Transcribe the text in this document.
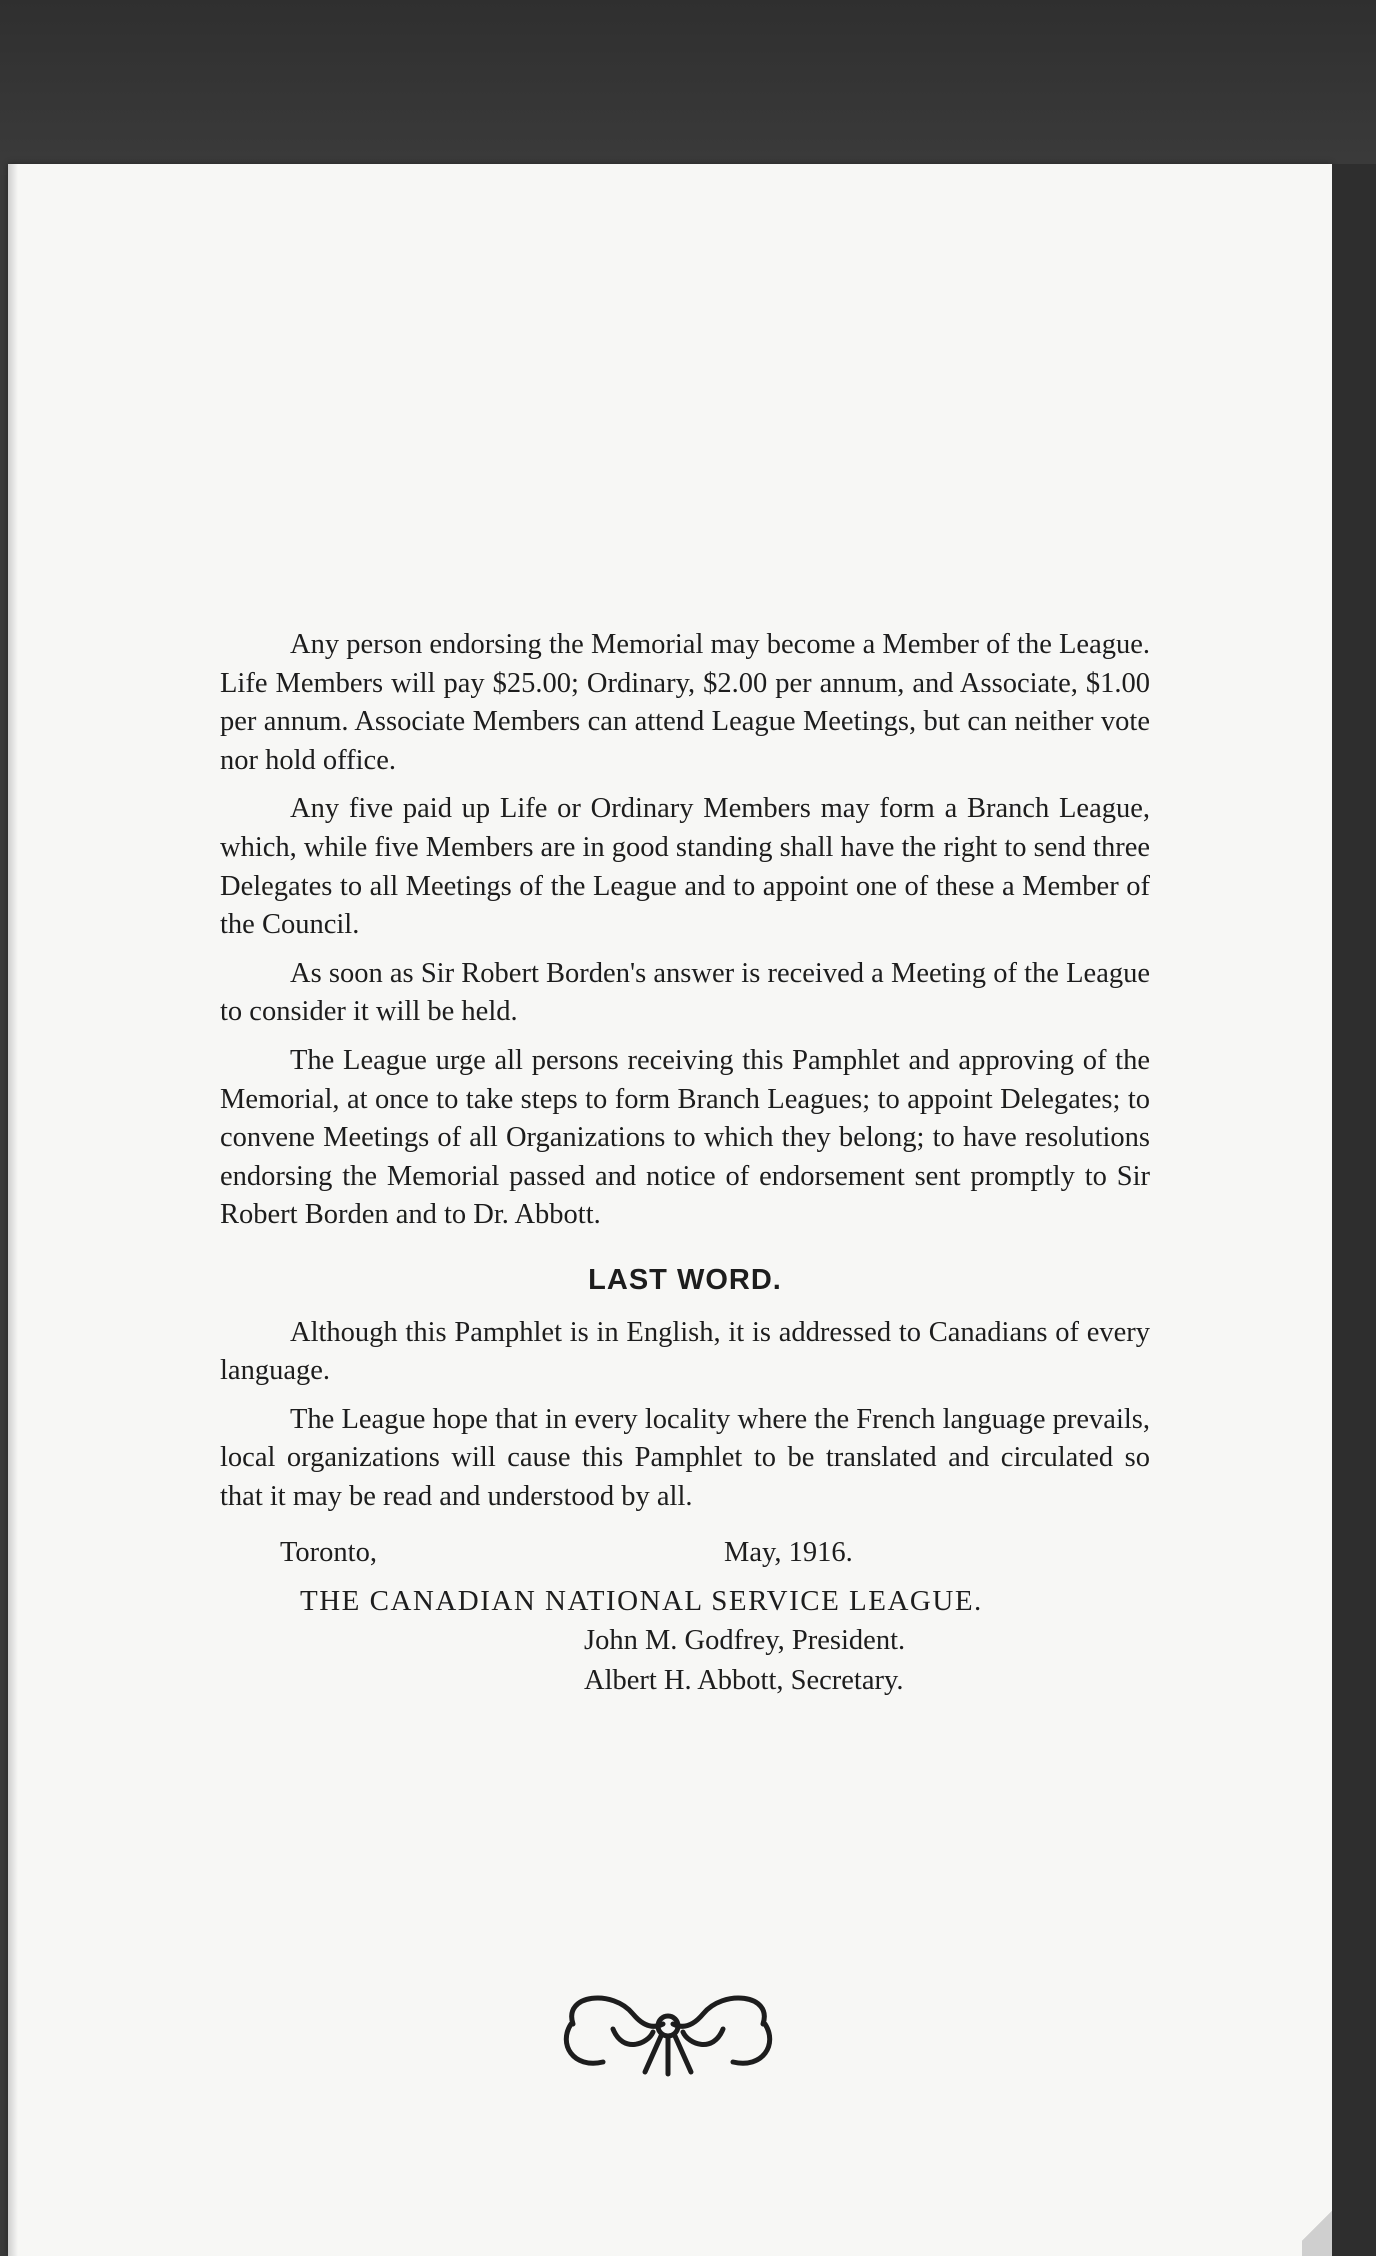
Any person endorsing the Memorial may become a Member of the League. Life Members will pay $25.00; Ordinary, $2.00 per annum, and Associate, $1.00 per annum. Associate Members can attend League Meetings, but can neither vote nor hold office.

Any five paid up Life or Ordinary Members may form a Branch League, which, while five Members are in good standing shall have the right to send three Delegates to all Meetings of the League and to appoint one of these a Member of the Council.

As soon as Sir Robert Borden's answer is received a Meeting of the League to consider it will be held.

The League urge all persons receiving this Pamphlet and approving of the Memorial, at once to take steps to form Branch Leagues; to appoint Delegates; to convene Meetings of all Organizations to which they belong; to have resolutions endorsing the Memorial passed and notice of endorsement sent promptly to Sir Robert Borden and to Dr. Abbott.

LAST WORD.

Although this Pamphlet is in English, it is addressed to Canadians of every language.

The League hope that in every locality where the French language prevails, local organizations will cause this Pamphlet to be translated and circulated so that it may be read and understood by all.

Toronto,	May, 1916.
THE CANADIAN NATIONAL SERVICE LEAGUE.
John M. Godfrey, President.
Albert H. Abbott, Secretary.
